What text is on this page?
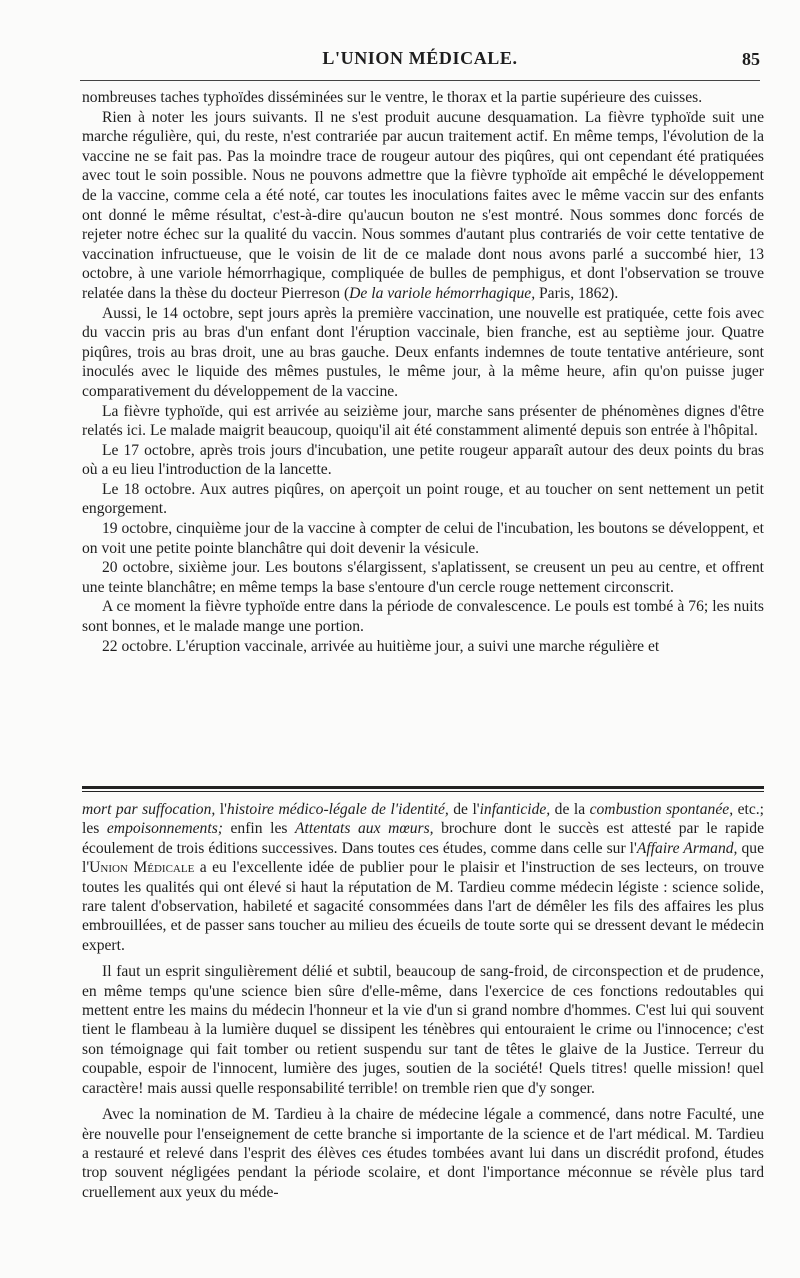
L'UNION MÉDICALE.	85

nombreuses taches typhoïdes disséminées sur le ventre, le thorax et la partie supérieure des cuisses.

Rien à noter les jours suivants. Il ne s'est produit aucune desquamation. La fièvre typhoïde suit une marche régulière, qui, du reste, n'est contrariée par aucun traitement actif. En même temps, l'évolution de la vaccine ne se fait pas. Pas la moindre trace de rougeur autour des piqûres, qui ont cependant été pratiquées avec tout le soin possible. Nous ne pouvons admettre que la fièvre typhoïde ait empêché le développement de la vaccine, comme cela a été noté, car toutes les inoculations faites avec le même vaccin sur des enfants ont donné le même résultat, c'est-à-dire qu'aucun bouton ne s'est montré. Nous sommes donc forcés de rejeter notre échec sur la qualité du vaccin. Nous sommes d'autant plus contrariés de voir cette tentative de vaccination infructueuse, que le voisin de lit de ce malade dont nous avons parlé a succombé hier, 13 octobre, à une variole hémorrhagique, compliquée de bulles de pemphigus, et dont l'observation se trouve relatée dans la thèse du docteur Pierreson (De la variole hémorrhagique, Paris, 1862).

Aussi, le 14 octobre, sept jours après la première vaccination, une nouvelle est pratiquée, cette fois avec du vaccin pris au bras d'un enfant dont l'éruption vaccinale, bien franche, est au septième jour. Quatre piqûres, trois au bras droit, une au bras gauche. Deux enfants indemnes de toute tentative antérieure, sont inoculés avec le liquide des mêmes pustules, le même jour, à la même heure, afin qu'on puisse juger comparativement du développement de la vaccine.

La fièvre typhoïde, qui est arrivée au seizième jour, marche sans présenter de phénomènes dignes d'être relatés ici. Le malade maigrit beaucoup, quoiqu'il ait été constamment alimenté depuis son entrée à l'hôpital.

Le 17 octobre, après trois jours d'incubation, une petite rougeur apparaît autour des deux points du bras où a eu lieu l'introduction de la lancette.

Le 18 octobre. Aux autres piqûres, on aperçoit un point rouge, et au toucher on sent nettement un petit engorgement.

19 octobre, cinquième jour de la vaccine à compter de celui de l'incubation, les boutons se développent, et on voit une petite pointe blanchâtre qui doit devenir la vésicule.

20 octobre, sixième jour. Les boutons s'élargissent, s'aplatissent, se creusent un peu au centre, et offrent une teinte blanchâtre; en même temps la base s'entoure d'un cercle rouge nettement circonscrit.

A ce moment la fièvre typhoïde entre dans la période de convalescence. Le pouls est tombé à 76; les nuits sont bonnes, et le malade mange une portion.

22 octobre. L'éruption vaccinale, arrivée au huitième jour, a suivi une marche régulière et

mort par suffocation, l'histoire médico-légale de l'identité, de l'infanticide, de la combustion spontanée, etc.; les empoisonnements; enfin les Attentats aux mœurs, brochure dont le succès est attesté par le rapide écoulement de trois éditions successives. Dans toutes ces études, comme dans celle sur l'Affaire Armand, que l'Union Médicale a eu l'excellente idée de publier pour le plaisir et l'instruction de ses lecteurs, on trouve toutes les qualités qui ont élevé si haut la réputation de M. Tardieu comme médecin légiste : science solide, rare talent d'observation, habileté et sagacité consommées dans l'art de démêler les fils des affaires les plus embrouillées, et de passer sans toucher au milieu des écueils de toute sorte qui se dressent devant le médecin expert.

Il faut un esprit singulièrement délié et subtil, beaucoup de sang-froid, de circonspection et de prudence, en même temps qu'une science bien sûre d'elle-même, dans l'exercice de ces fonctions redoutables qui mettent entre les mains du médecin l'honneur et la vie d'un si grand nombre d'hommes. C'est lui qui souvent tient le flambeau à la lumière duquel se dissipent les ténèbres qui entouraient le crime ou l'innocence; c'est son témoignage qui fait tomber ou retient suspendu sur tant de têtes le glaive de la Justice. Terreur du coupable, espoir de l'innocent, lumière des juges, soutien de la société! Quels titres! quelle mission! quel caractère! mais aussi quelle responsabilité terrible! on tremble rien que d'y songer.

Avec la nomination de M. Tardieu à la chaire de médecine légale a commencé, dans notre Faculté, une ère nouvelle pour l'enseignement de cette branche si importante de la science et de l'art médical. M. Tardieu a restauré et relevé dans l'esprit des élèves ces études tombées avant lui dans un discrédit profond, études trop souvent négligées pendant la période scolaire, et dont l'importance méconnue se révèle plus tard cruellement aux yeux du méde-
